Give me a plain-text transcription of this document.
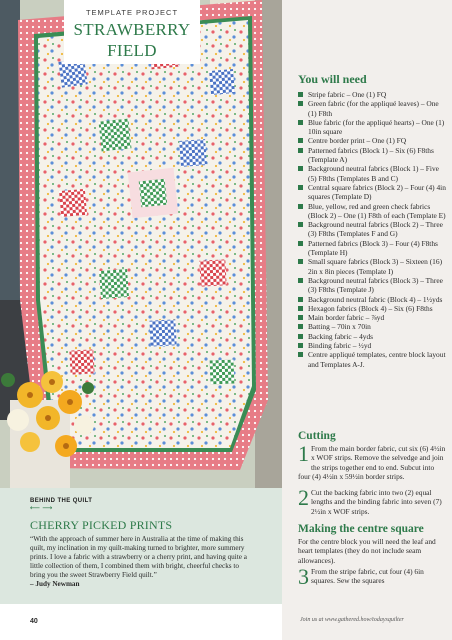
TEMPLATE PROJECT
STRAWBERRY
FIELD
You will need
Stripe fabric – One (1) FQ
Green fabric (for the appliqué leaves) – One (1) F8th
Blue fabric (for the appliqué hearts) – One (1) 10in square
Centre border print – One (1) FQ
Patterned fabrics (Block 1) – Six (6) F8ths (Template A)
Background neutral fabrics (Block 1) – Five (5) F8ths (Templates B and C)
Central square fabrics (Block 2) – Four (4) 4in squares (Template D)
Blue, yellow, red and green check fabrics (Block 2) – One (1) F8th of each (Template E)
Background neutral fabrics (Block 2) – Three (3) F8ths (Templates F and G)
Patterned fabrics (Block 3) – Four (4) F8ths (Template H)
Small square fabrics (Block 3) – Sixteen (16) 2in x 8in pieces (Template I)
Background neutral fabrics (Block 3) – Three (3) F8ths (Template J)
Background neutral fabric (Block 4) – 1½yds
Hexagon fabrics (Block 4) – Six (6) F8ths
Main border fabric – ⅞yd
Batting – 70in x 70in
Backing fabric – 4yds
Binding fabric – ½yd
Centre appliqué templates, centre block layout and Templates A-J.
Cutting
1 From the main border fabric, cut six (6) 4½in x WOF strips. Remove the selvedge and join the strips together end to end. Subcut into four (4) 4½in x 59½in border strips.

2 Cut the backing fabric into two (2) equal lengths and the binding fabric into seven (7) 2½in x WOF strips.

Making the centre square

For the centre block you will need the leaf and heart templates (they do not include seam allowances).

3 From the stripe fabric, cut four (4) 6in squares. Sew the squares

BEHIND THE QUILT
⟵ ⟶
CHERRY PICKED PRINTS

“With the approach of summer here in Australia at the time of making this quilt, my inclination in my quilt-making turned to brighter, more summery prints. I love a fabric with a strawberry or a cherry print, and having quite a little collection of them, I combined them with bright, cheerful checks to bring you the sweet Strawberry Field quilt.”

– Judy Newman

40	Join us at www.gathered.how/todaysquilter
